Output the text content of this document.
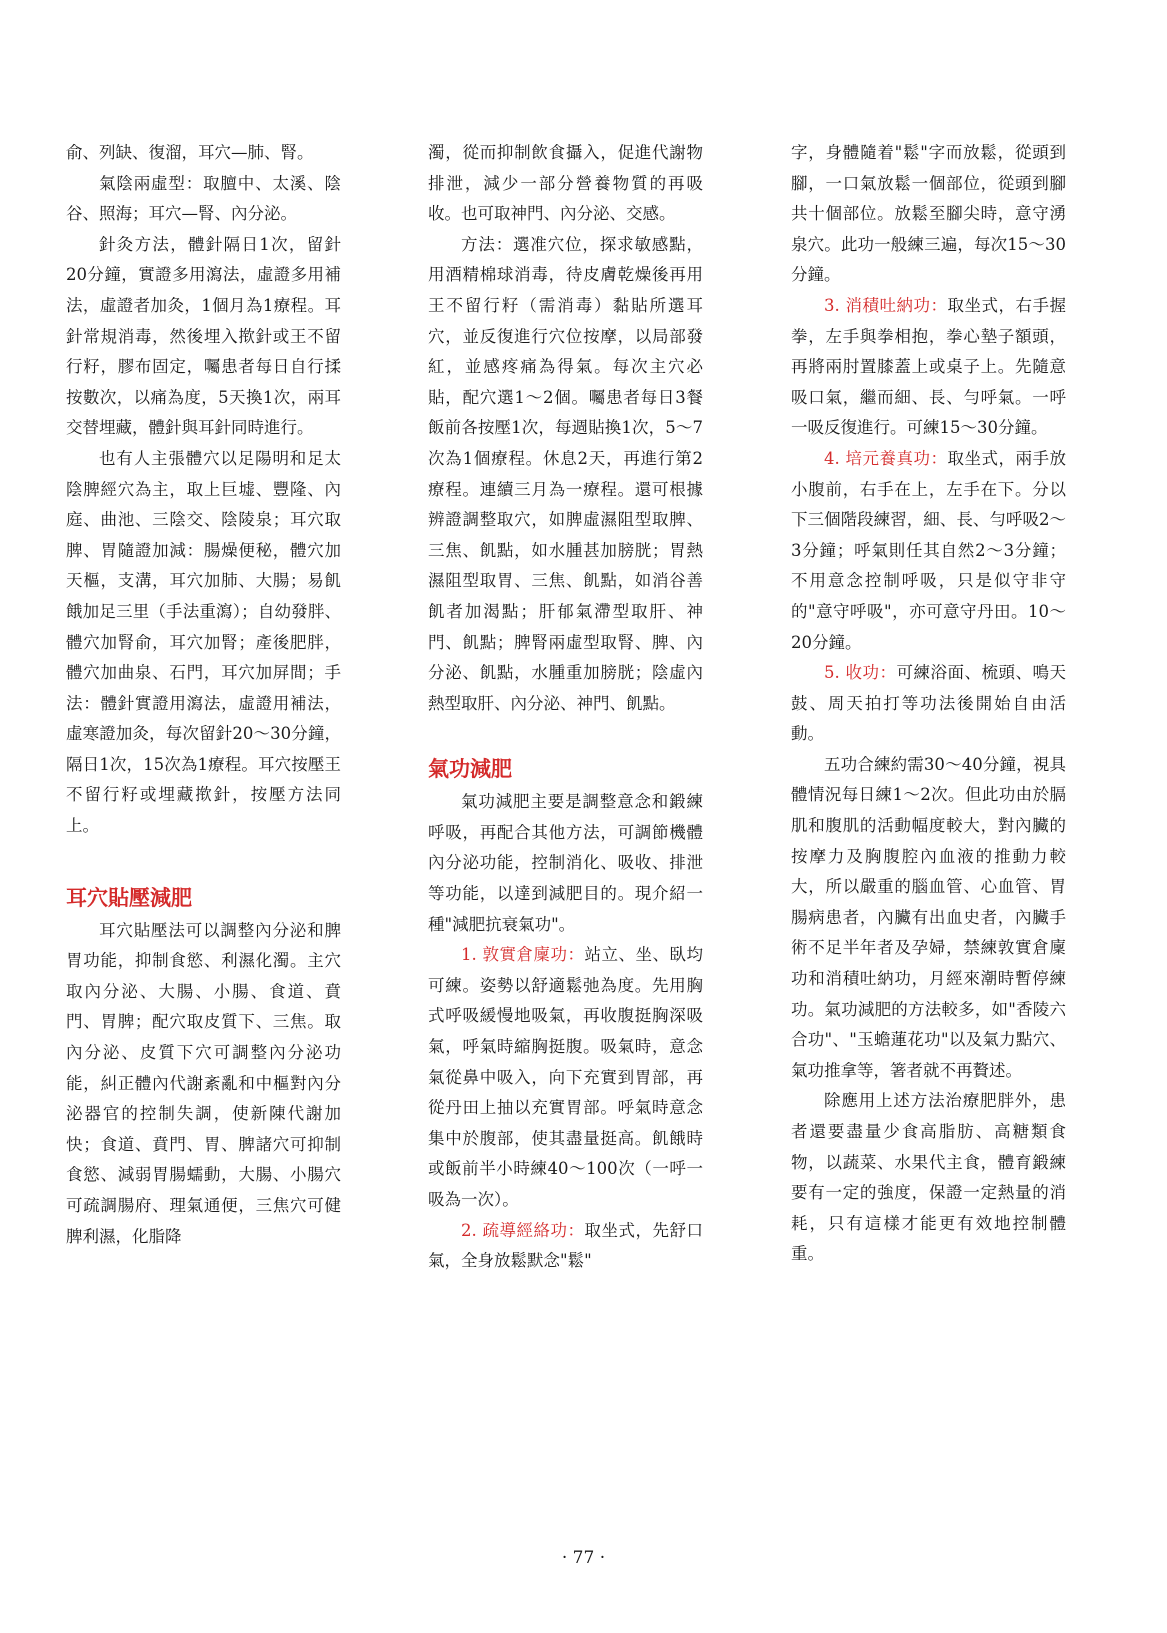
俞、列缺、復溜，耳穴—肺、腎。

氣陰兩虛型：取膻中、太溪、陰谷、照海；耳穴—腎、內分泌。

針灸方法，體針隔日1次，留針20分鐘，實證多用瀉法，虛證多用補法，虛證者加灸，1個月為1療程。耳針常規消毒，然後埋入揿針或王不留行籽，膠布固定，囑患者每日自行揉按數次，以痛為度，5天換1次，兩耳交替埋藏，體針與耳針同時進行。

也有人主張體穴以足陽明和足太陰脾經穴為主，取上巨墟、豐隆、內庭、曲池、三陰交、陰陵泉；耳穴取脾、胃隨證加減：腸燥便秘，體穴加天樞，支溝，耳穴加肺、大腸；易飢餓加足三里（手法重瀉）；自幼發胖、體穴加腎俞，耳穴加腎；產後肥胖，體穴加曲泉、石門，耳穴加屏間；手法：體針實證用瀉法，虛證用補法，虛寒證加灸，每次留針20～30分鐘，隔日1次，15次為1療程。耳穴按壓王不留行籽或埋藏揿針，按壓方法同上。

耳穴貼壓減肥

耳穴貼壓法可以調整內分泌和脾胃功能，抑制食慾、利濕化濁。主穴取內分泌、大腸、小腸、食道、賁門、胃脾；配穴取皮質下、三焦。取內分泌、皮質下穴可調整內分泌功能，糾正體內代謝紊亂和中樞對內分泌器官的控制失調，使新陳代謝加快；食道、賁門、胃、脾諸穴可抑制食慾、減弱胃腸蠕動，大腸、小腸穴可疏調腸府、理氣通便，三焦穴可健脾利濕，化脂降

濁，從而抑制飲食攝入，促進代謝物排泄，減少一部分營養物質的再吸收。也可取神門、內分泌、交感。

方法：選准穴位，探求敏感點，用酒精棉球消毒，待皮膚乾燥後再用王不留行籽（需消毒）黏貼所選耳穴，並反復進行穴位按摩，以局部發紅，並感疼痛為得氣。每次主穴必貼，配穴選1～2個。囑患者每日3餐飯前各按壓1次，每週貼換1次，5～7次為1個療程。休息2天，再進行第2療程。連續三月為一療程。還可根據辨證調整取穴，如脾虛濕阻型取脾、三焦、飢點，如水腫甚加膀胱；胃熱濕阻型取胃、三焦、飢點，如消谷善飢者加渴點；肝郁氣滯型取肝、神門、飢點；脾腎兩虛型取腎、脾、內分泌、飢點，水腫重加膀胱；陰虛內熱型取肝、內分泌、神門、飢點。

氣功減肥

氣功減肥主要是調整意念和鍛練呼吸，再配合其他方法，可調節機體內分泌功能，控制消化、吸收、排泄等功能，以達到減肥目的。現介紹一種"減肥抗衰氣功"。

1. 敦實倉廩功：站立、坐、臥均可練。姿勢以舒適鬆弛為度。先用胸式呼吸緩慢地吸氣，再收腹挺胸深吸氣，呼氣時縮胸挺腹。吸氣時，意念氣從鼻中吸入，向下充實到胃部，再從丹田上抽以充實胃部。呼氣時意念集中於腹部，使其盡量挺高。飢餓時或飯前半小時練40～100次（一呼一吸為一次）。

2. 疏導經絡功：取坐式，先舒口氣，全身放鬆默念"鬆"

字，身體隨着"鬆"字而放鬆，從頭到腳，一口氣放鬆一個部位，從頭到腳共十個部位。放鬆至腳尖時，意守湧泉穴。此功一般練三遍，每次15～30分鐘。

3. 消積吐納功：取坐式，右手握拳，左手與拳相抱，拳心墊子額頭，再將兩肘置膝蓋上或桌子上。先隨意吸口氣，繼而細、長、勻呼氣。一呼一吸反復進行。可練15～30分鐘。

4. 培元養真功：取坐式，兩手放小腹前，右手在上，左手在下。分以下三個階段練習，細、長、勻呼吸2～3分鐘；呼氣則任其自然2～3分鐘；不用意念控制呼吸，只是似守非守的"意守呼吸"，亦可意守丹田。10～20分鐘。

5. 收功：可練浴面、梳頭、鳴天鼓、周天拍打等功法後開始自由活動。

五功合練約需30～40分鐘，視具體情況每日練1～2次。但此功由於膈肌和腹肌的活動幅度較大，對內臟的按摩力及胸腹腔內血液的推動力較大，所以嚴重的腦血管、心血管、胃腸病患者，內臟有出血史者，內臟手術不足半年者及孕婦，禁練敦實倉廩功和消積吐納功，月經來潮時暫停練功。氣功減肥的方法較多，如"香陵六合功"、"玉蟾蓮花功"以及氣力點穴、氣功推拿等，箸者就不再贅述。

除應用上述方法治療肥胖外，患者還要盡量少食高脂肪、高糖類食物，以蔬菜、水果代主食，體育鍛練要有一定的強度，保證一定熱量的消耗，只有這樣才能更有效地控制體重。

· 77 ·
